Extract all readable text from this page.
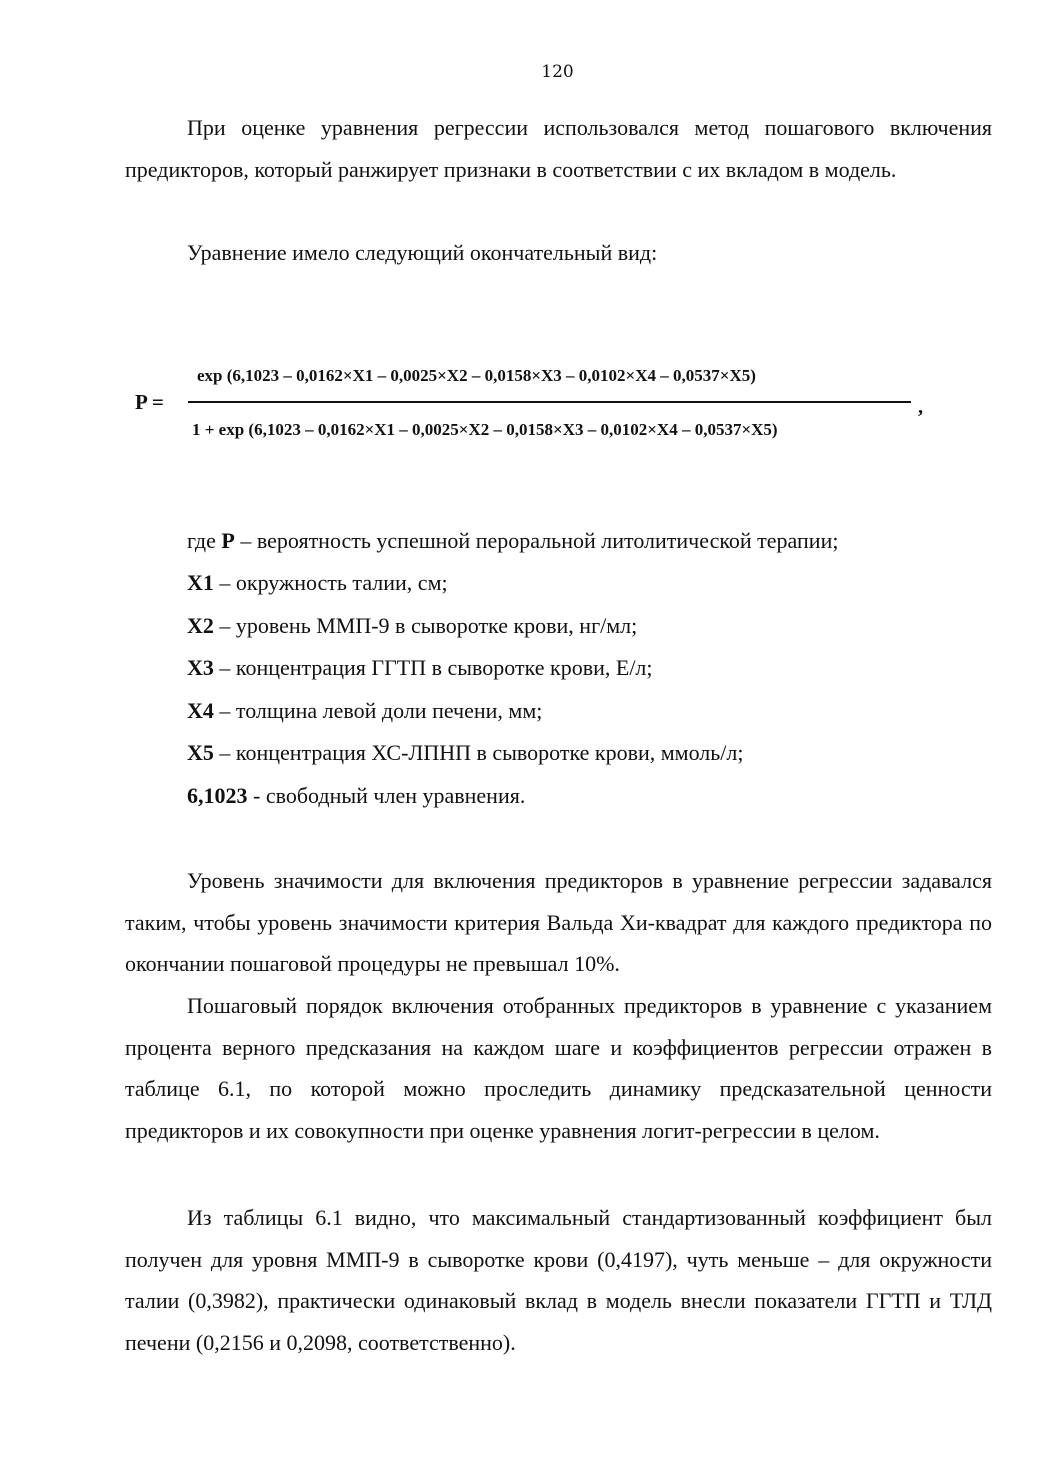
120

При оценке уравнения регрессии использовался метод пошагового включения предикторов, который ранжирует признаки в соответствии с их вкладом в модель.

Уравнение имело следующий окончательный вид:

P =
exp (6,1023 – 0,0162×X1 – 0,0025×X2 – 0,0158×X3 – 0,0102×X4 – 0,0537×X5)
1 + exp (6,1023 – 0,0162×X1 – 0,0025×X2 – 0,0158×X3 – 0,0102×X4 – 0,0537×X5)
,

где P – вероятность успешной пероральной литолитической терапии;

X1 – окружность талии, см;

X2 – уровень ММП-9 в сыворотке крови, нг/мл;

X3 – концентрация ГГТП в сыворотке крови, Е/л;

X4 – толщина левой доли печени, мм;

X5 – концентрация ХС-ЛПНП в сыворотке крови, ммоль/л;

6,1023 - свободный член уравнения.

Уровень значимости для включения предикторов в уравнение регрессии задавался таким, чтобы уровень значимости критерия Вальда Хи-квадрат для каждого предиктора по окончании пошаговой процедуры не превышал 10%.

Пошаговый порядок включения отобранных предикторов в уравнение с указанием процента верного предсказания на каждом шаге и коэффициентов регрессии отражен в таблице 6.1, по которой можно проследить динамику предсказательной ценности предикторов и их совокупности при оценке уравнения логит-регрессии в целом.

Из таблицы 6.1 видно, что максимальный стандартизованный коэффициент был получен для уровня ММП-9 в сыворотке крови (0,4197), чуть меньше – для окружности талии (0,3982), практически одинаковый вклад в модель внесли показатели ГГТП и ТЛД печени (0,2156 и 0,2098, соответственно).
